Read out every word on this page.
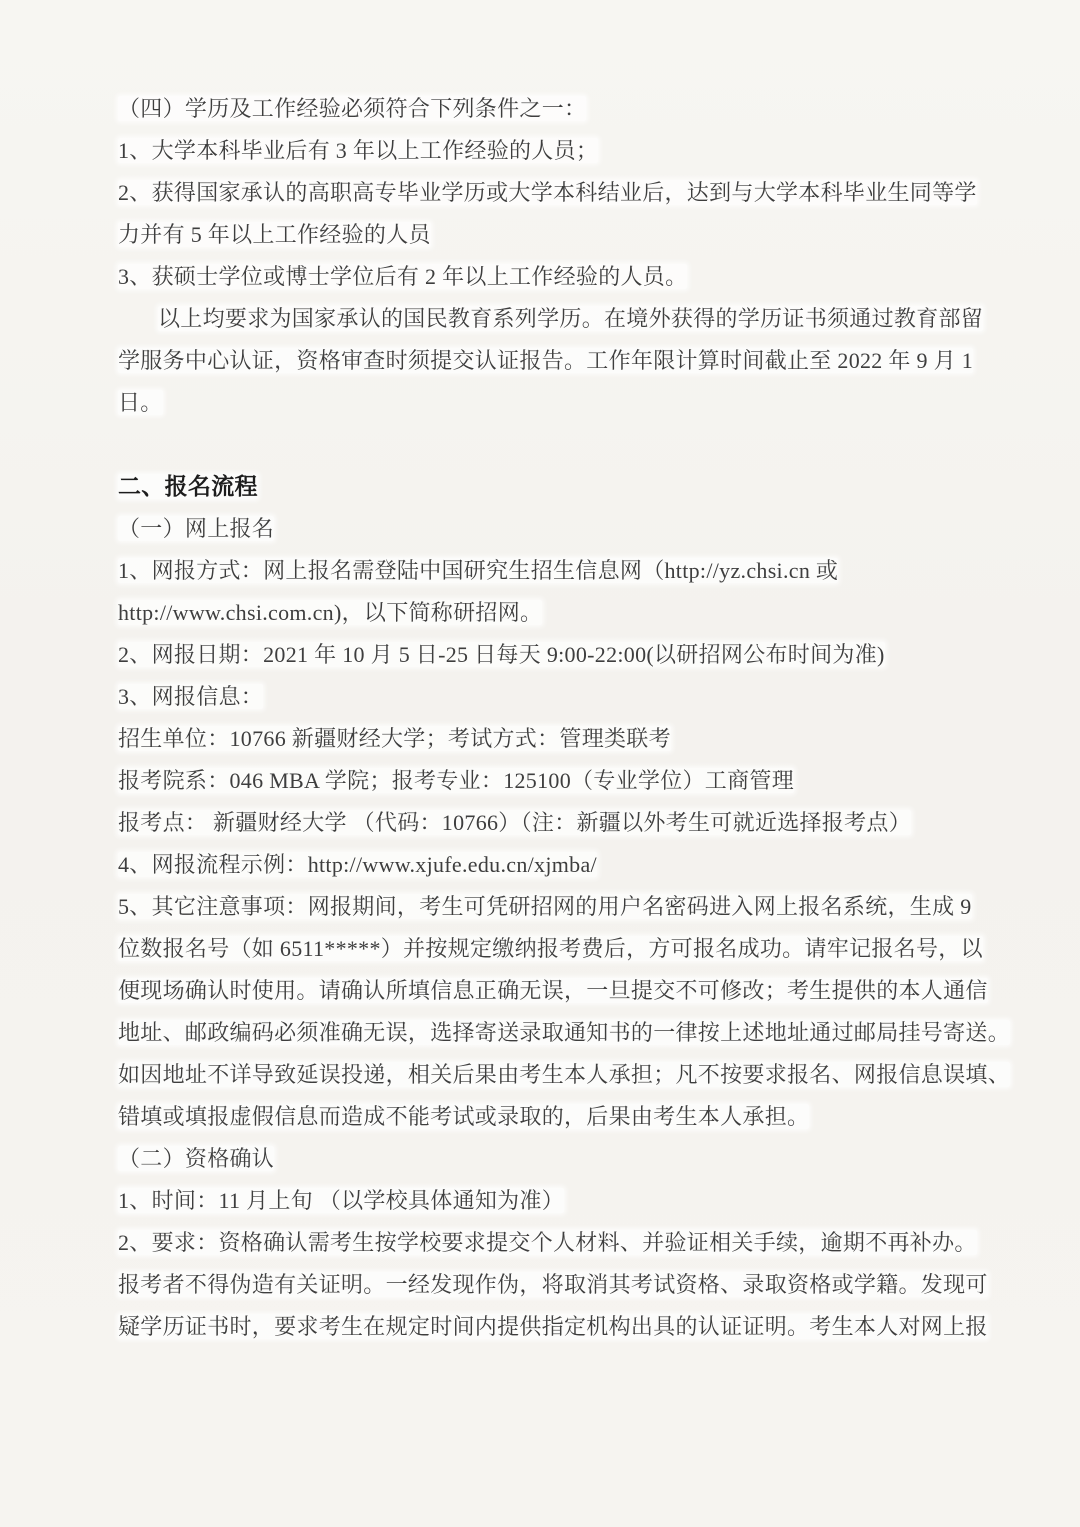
（四）学历及工作经验必须符合下列条件之一：
1、大学本科毕业后有 3 年以上工作经验的人员；
2、获得国家承认的高职高专毕业学历或大学本科结业后，达到与大学本科毕业生同等学
力并有 5 年以上工作经验的人员
3、获硕士学位或博士学位后有 2 年以上工作经验的人员。
以上均要求为国家承认的国民教育系列学历。在境外获得的学历证书须通过教育部留
学服务中心认证，资格审查时须提交认证报告。工作年限计算时间截止至 2022 年 9 月 1
日。
二、报名流程
（一）网上报名
1、网报方式：网上报名需登陆中国研究生招生信息网（http://yz.chsi.cn 或
http://www.chsi.com.cn)，以下简称研招网。
2、网报日期：2021 年 10 月 5 日-25 日每天 9:00-22:00(以研招网公布时间为准)
3、网报信息：
招生单位：10766 新疆财经大学；考试方式：管理类联考
报考院系：046 MBA 学院；报考专业：125100（专业学位）工商管理
报考点： 新疆财经大学 （代码：10766）（注：新疆以外考生可就近选择报考点）
4、网报流程示例：http://www.xjufe.edu.cn/xjmba/
5、其它注意事项：网报期间，考生可凭研招网的用户名密码进入网上报名系统，生成 9
位数报名号（如 6511*****）并按规定缴纳报考费后，方可报名成功。请牢记报名号，以
便现场确认时使用。请确认所填信息正确无误，一旦提交不可修改；考生提供的本人通信
地址、邮政编码必须准确无误，选择寄送录取通知书的一律按上述地址通过邮局挂号寄送。
如因地址不详导致延误投递，相关后果由考生本人承担；凡不按要求报名、网报信息误填、
错填或填报虚假信息而造成不能考试或录取的，后果由考生本人承担。
（二）资格确认
1、时间：11 月上旬 （以学校具体通知为准）
2、要求：资格确认需考生按学校要求提交个人材料、并验证相关手续，逾期不再补办。
报考者不得伪造有关证明。一经发现作伪，将取消其考试资格、录取资格或学籍。发现可
疑学历证书时，要求考生在规定时间内提供指定机构出具的认证证明。考生本人对网上报
